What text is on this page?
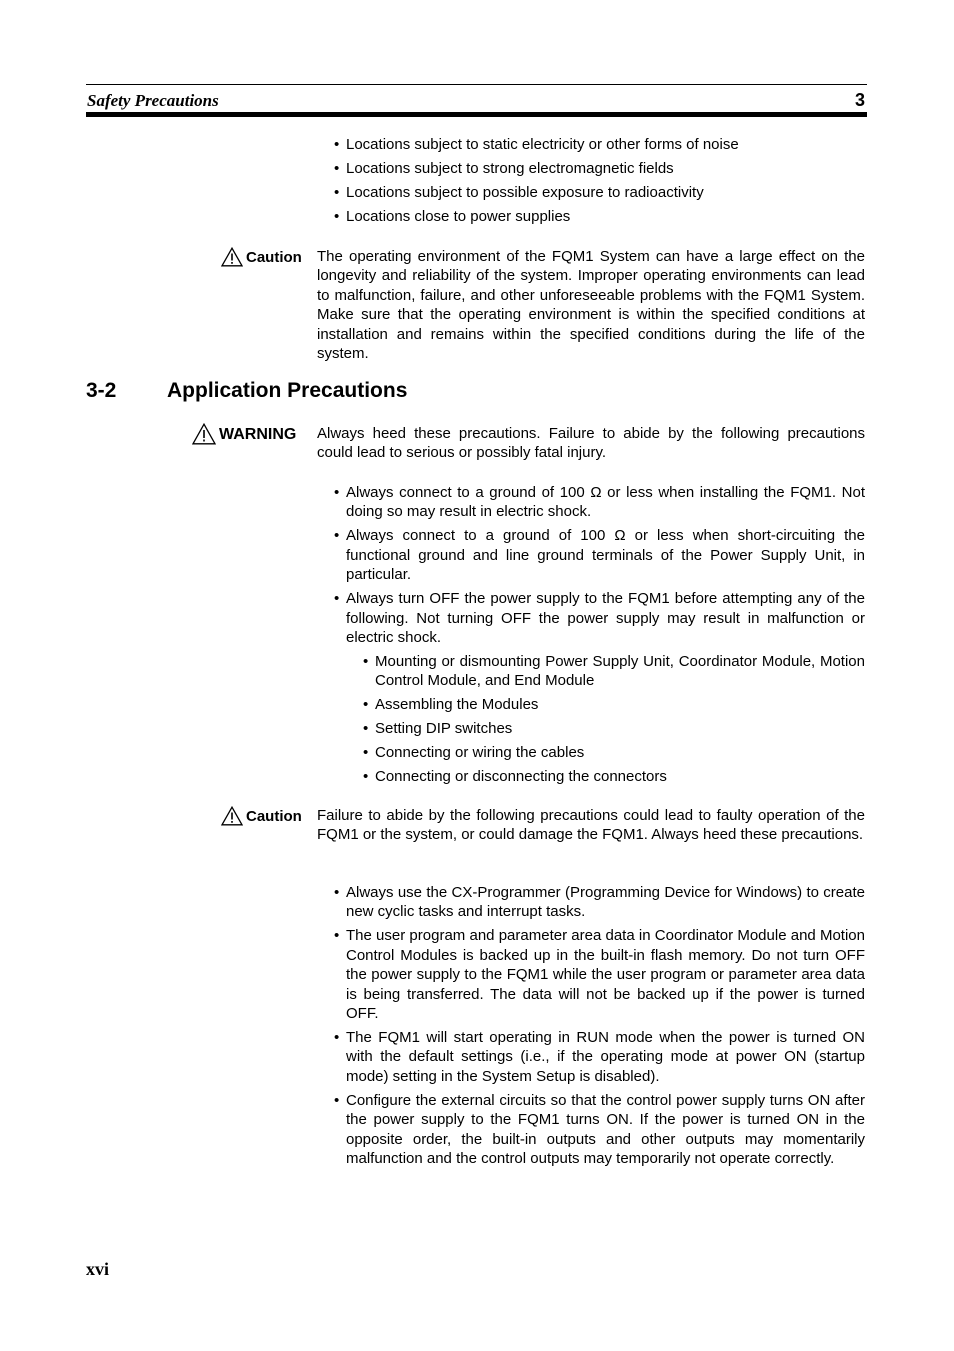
Safety Precautions	3
• Locations subject to static electricity or other forms of noise
• Locations subject to strong electromagnetic fields
• Locations subject to possible exposure to radioactivity
• Locations close to power supplies
Caution The operating environment of the FQM1 System can have a large effect on the longevity and reliability of the system. Improper operating environments can lead to malfunction, failure, and other unforeseeable problems with the FQM1 System. Make sure that the operating environment is within the specified conditions at installation and remains within the specified conditions during the life of the system.
3-2 Application Precautions
WARNING Always heed these precautions. Failure to abide by the following precautions could lead to serious or possibly fatal injury.
• Always connect to a ground of 100 Ω or less when installing the FQM1. Not doing so may result in electric shock.
• Always connect to a ground of 100 Ω or less when short-circuiting the functional ground and line ground terminals of the Power Supply Unit, in particular.
• Always turn OFF the power supply to the FQM1 before attempting any of the following. Not turning OFF the power supply may result in malfunction or electric shock.
• Mounting or dismounting Power Supply Unit, Coordinator Module, Motion Control Module, and End Module
• Assembling the Modules
• Setting DIP switches
• Connecting or wiring the cables
• Connecting or disconnecting the connectors
Caution Failure to abide by the following precautions could lead to faulty operation of the FQM1 or the system, or could damage the FQM1. Always heed these precautions.
• Always use the CX-Programmer (Programming Device for Windows) to create new cyclic tasks and interrupt tasks.
• The user program and parameter area data in Coordinator Module and Motion Control Modules is backed up in the built-in flash memory. Do not turn OFF the power supply to the FQM1 while the user program or parameter area data is being transferred. The data will not be backed up if the power is turned OFF.
• The FQM1 will start operating in RUN mode when the power is turned ON with the default settings (i.e., if the operating mode at power ON (startup mode) setting in the System Setup is disabled).
• Configure the external circuits so that the control power supply turns ON after the power supply to the FQM1 turns ON. If the power is turned ON in the opposite order, the built-in outputs and other outputs may momentarily malfunction and the control outputs may temporarily not operate correctly.
xvi
